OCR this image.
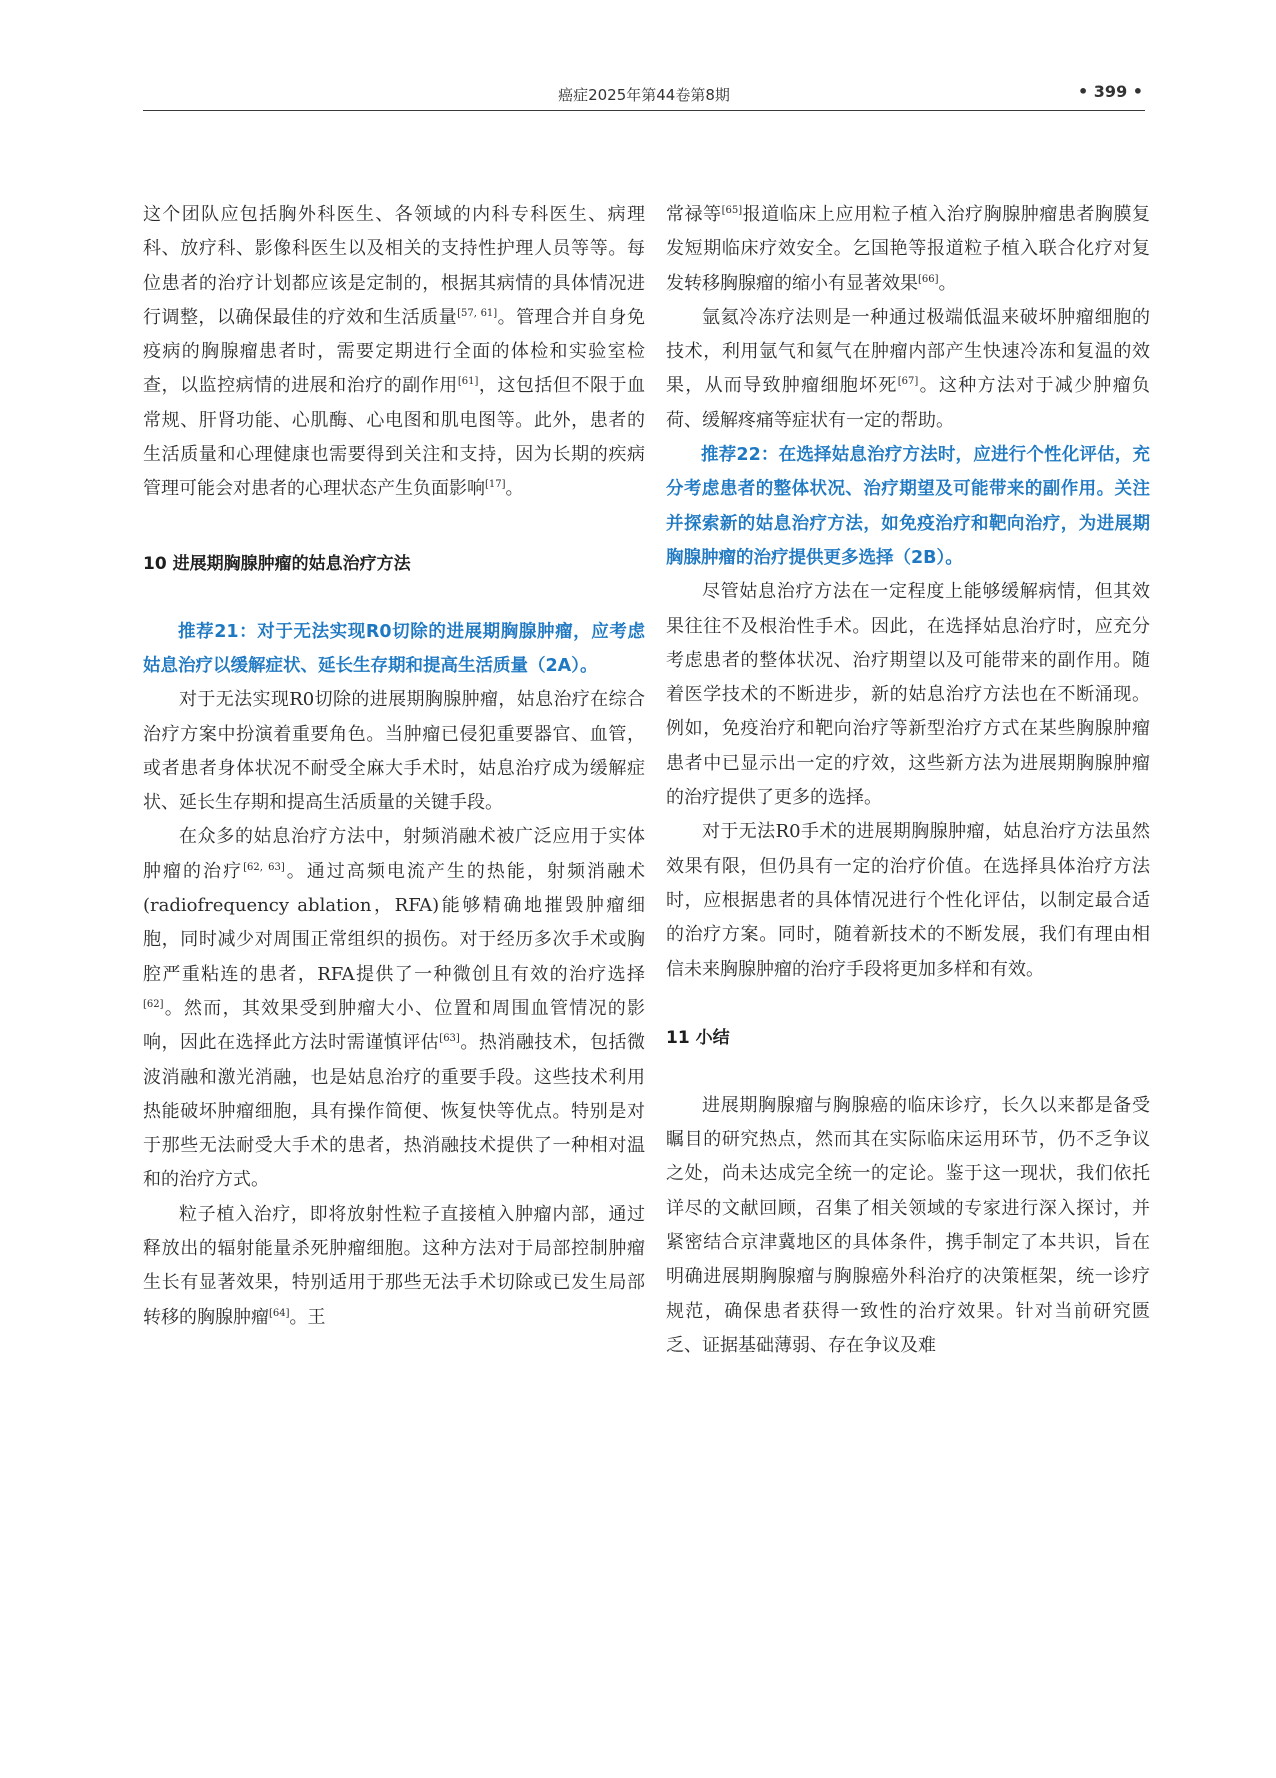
癌症2025年第44卷第8期	• 399 •

这个团队应包括胸外科医生、各领域的内科专科医生、病理科、放疗科、影像科医生以及相关的支持性护理人员等等。每位患者的治疗计划都应该是定制的，根据其病情的具体情况进行调整，以确保最佳的疗效和生活质量[57, 61]。管理合并自身免疫病的胸腺瘤患者时，需要定期进行全面的体检和实验室检查，以监控病情的进展和治疗的副作用[61]，这包括但不限于血常规、肝肾功能、心肌酶、心电图和肌电图等。此外，患者的生活质量和心理健康也需要得到关注和支持，因为长期的疾病管理可能会对患者的心理状态产生负面影响[17]。

10 进展期胸腺肿瘤的姑息治疗方法

推荐21：对于无法实现R0切除的进展期胸腺肿瘤，应考虑姑息治疗以缓解症状、延长生存期和提高生活质量（2A）。

对于无法实现R0切除的进展期胸腺肿瘤，姑息治疗在综合治疗方案中扮演着重要角色。当肿瘤已侵犯重要器官、血管，或者患者身体状况不耐受全麻大手术时，姑息治疗成为缓解症状、延长生存期和提高生活质量的关键手段。

在众多的姑息治疗方法中，射频消融术被广泛应用于实体肿瘤的治疗[62, 63]。通过高频电流产生的热能，射频消融术 (radiofrequency ablation，RFA)能够精确地摧毁肿瘤细胞，同时减少对周围正常组织的损伤。对于经历多次手术或胸腔严重粘连的患者，RFA提供了一种微创且有效的治疗选择[62]。然而，其效果受到肿瘤大小、位置和周围血管情况的影响，因此在选择此方法时需谨慎评估[63]。热消融技术，包括微波消融和激光消融，也是姑息治疗的重要手段。这些技术利用热能破坏肿瘤细胞，具有操作简便、恢复快等优点。特别是对于那些无法耐受大手术的患者，热消融技术提供了一种相对温和的治疗方式。

粒子植入治疗，即将放射性粒子直接植入肿瘤内部，通过释放出的辐射能量杀死肿瘤细胞。这种方法对于局部控制肿瘤生长有显著效果，特别适用于那些无法手术切除或已发生局部转移的胸腺肿瘤[64]。王

常禄等[65]报道临床上应用粒子植入治疗胸腺肿瘤患者胸膜复发短期临床疗效安全。乞国艳等报道粒子植入联合化疗对复发转移胸腺瘤的缩小有显著效果[66]。

氩氦冷冻疗法则是一种通过极端低温来破坏肿瘤细胞的技术，利用氩气和氦气在肿瘤内部产生快速冷冻和复温的效果，从而导致肿瘤细胞坏死[67]。这种方法对于减少肿瘤负荷、缓解疼痛等症状有一定的帮助。

推荐22：在选择姑息治疗方法时，应进行个性化评估，充分考虑患者的整体状况、治疗期望及可能带来的副作用。关注并探索新的姑息治疗方法，如免疫治疗和靶向治疗，为进展期胸腺肿瘤的治疗提供更多选择（2B）。

尽管姑息治疗方法在一定程度上能够缓解病情，但其效果往往不及根治性手术。因此，在选择姑息治疗时，应充分考虑患者的整体状况、治疗期望以及可能带来的副作用。随着医学技术的不断进步，新的姑息治疗方法也在不断涌现。例如，免疫治疗和靶向治疗等新型治疗方式在某些胸腺肿瘤患者中已显示出一定的疗效，这些新方法为进展期胸腺肿瘤的治疗提供了更多的选择。

对于无法R0手术的进展期胸腺肿瘤，姑息治疗方法虽然效果有限，但仍具有一定的治疗价值。在选择具体治疗方法时，应根据患者的具体情况进行个性化评估，以制定最合适的治疗方案。同时，随着新技术的不断发展，我们有理由相信未来胸腺肿瘤的治疗手段将更加多样和有效。

11 小结

进展期胸腺瘤与胸腺癌的临床诊疗，长久以来都是备受瞩目的研究热点，然而其在实际临床运用环节，仍不乏争议之处，尚未达成完全统一的定论。鉴于这一现状，我们依托详尽的文献回顾，召集了相关领域的专家进行深入探讨，并紧密结合京津冀地区的具体条件，携手制定了本共识，旨在明确进展期胸腺瘤与胸腺癌外科治疗的决策框架，统一诊疗规范，确保患者获得一致性的治疗效果。针对当前研究匮乏、证据基础薄弱、存在争议及难
